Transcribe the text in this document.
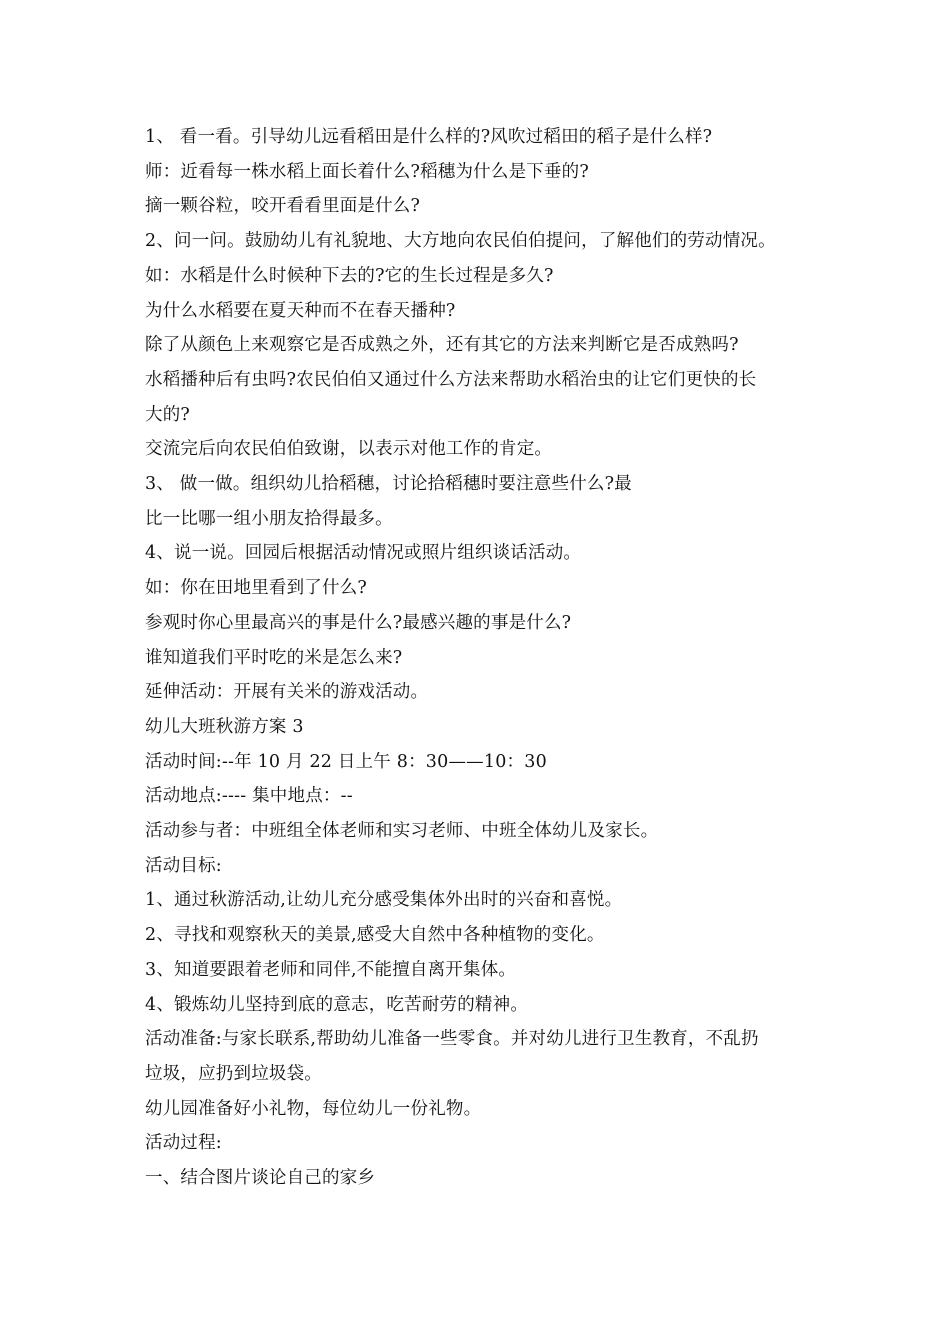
1、 看一看。引导幼儿远看稻田是什么样的?风吹过稻田的稻子是什么样?

师：近看每一株水稻上面长着什么?稻穗为什么是下垂的?

摘一颗谷粒，咬开看看里面是什么?

2、问一问。鼓励幼儿有礼貌地、大方地向农民伯伯提问，了解他们的劳动情况。

如：水稻是什么时候种下去的?它的生长过程是多久?

为什么水稻要在夏天种而不在春天播种?

除了从颜色上来观察它是否成熟之外，还有其它的方法来判断它是否成熟吗?

水稻播种后有虫吗?农民伯伯又通过什么方法来帮助水稻治虫的让它们更快的长

大的?

交流完后向农民伯伯致谢，以表示对他工作的肯定。

3、 做一做。组织幼儿拾稻穗，讨论拾稻穗时要注意些什么?最

比一比哪一组小朋友拾得最多。

4、说一说。回园后根据活动情况或照片组织谈话活动。

如：你在田地里看到了什么?

参观时你心里最高兴的事是什么?最感兴趣的事是什么?

谁知道我们平时吃的米是怎么来?

延伸活动：开展有关米的游戏活动。

幼儿大班秋游方案 3

活动时间:--年 10 月 22 日上午 8：30——10：30

活动地点:---- 集中地点：--

活动参与者：中班组全体老师和实习老师、中班全体幼儿及家长。

活动目标:

1、通过秋游活动,让幼儿充分感受集体外出时的兴奋和喜悦。

2、寻找和观察秋天的美景,感受大自然中各种植物的变化。

3、知道要跟着老师和同伴,不能擅自离开集体。

4、锻炼幼儿坚持到底的意志，吃苦耐劳的精神。

活动准备:与家长联系,帮助幼儿准备一些零食。并对幼儿进行卫生教育，不乱扔

垃圾，应扔到垃圾袋。

幼儿园准备好小礼物，每位幼儿一份礼物。

活动过程:

一、结合图片谈论自己的家乡
